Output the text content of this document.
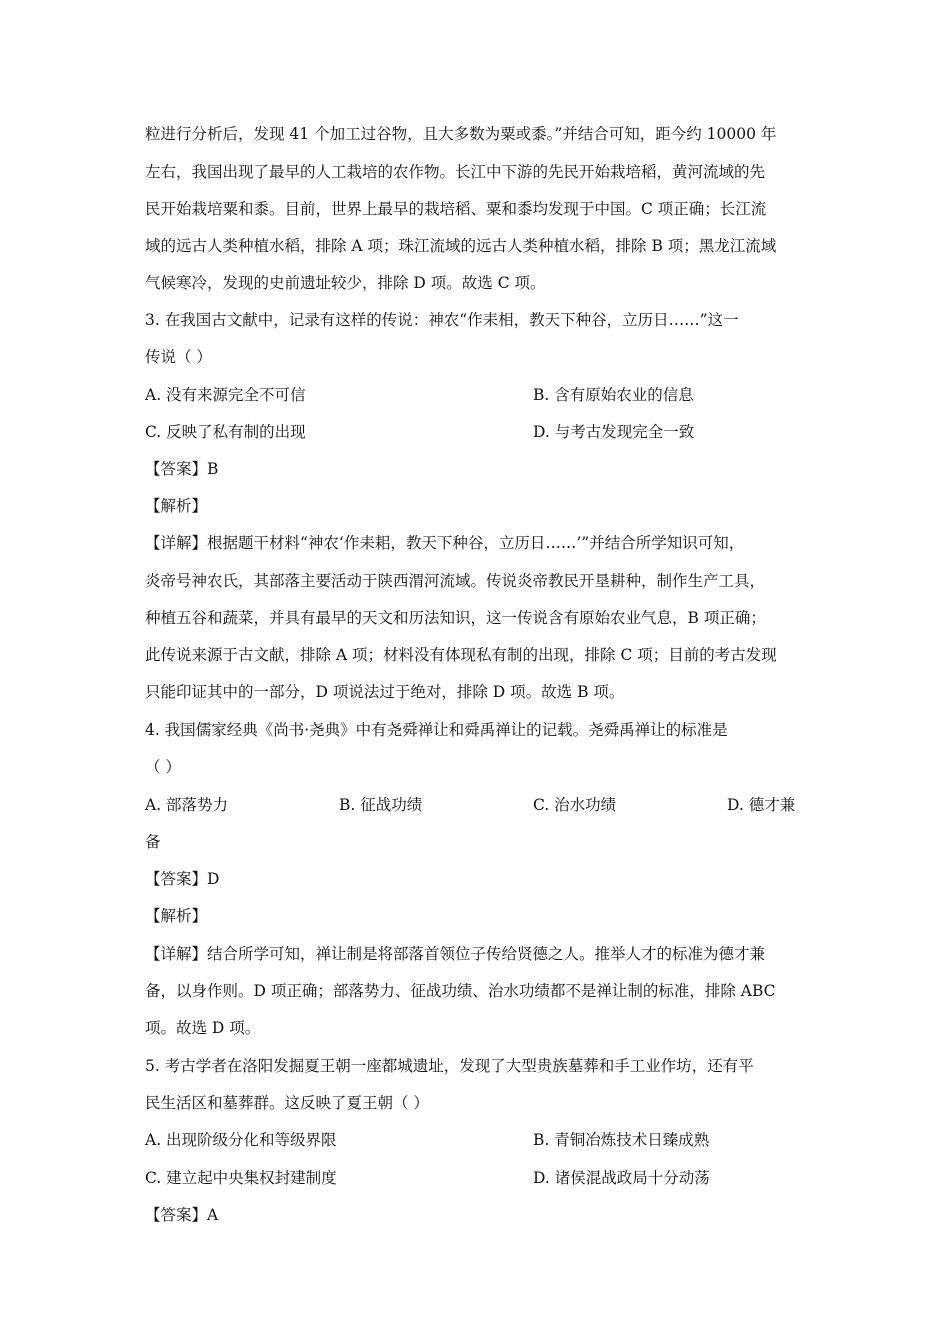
粒进行分析后，发现 41 个加工过谷物，且大多数为粟或黍。”并结合可知，距今约 10000 年
左右，我国出现了最早的人工栽培的农作物。长江中下游的先民开始栽培稻，黄河流域的先
民开始栽培粟和黍。目前，世界上最早的栽培稻、粟和黍均发现于中国。C 项正确；长江流
域的远古人类种植水稻，排除 A 项；珠江流域的远古人类种植水稻，排除 B 项；黑龙江流域
气候寒冷，发现的史前遗址较少，排除 D 项。故选 C 项。
3. 在我国古文献中，记录有这样的传说：神农“作耒相，教天下种谷，立历日……”这一
传说（ ）
A. 没有来源完全不可信	B. 含有原始农业的信息
C. 反映了私有制的出现	D. 与考古发现完全一致
【答案】B
【解析】
【详解】根据题干材料“神农‘作耒耜，教天下种谷，立历日……’”并结合所学知识可知，
炎帝号神农氏，其部落主要活动于陕西渭河流域。传说炎帝教民开垦耕种，制作生产工具，
种植五谷和蔬菜，并具有最早的天文和历法知识，这一传说含有原始农业气息，B 项正确；
此传说来源于古文献，排除 A 项；材料没有体现私有制的出现，排除 C 项；目前的考古发现
只能印证其中的一部分，D 项说法过于绝对，排除 D 项。故选 B 项。
4. 我国儒家经典《尚书·尧典》中有尧舜禅让和舜禹禅让的记载。尧舜禹禅让的标准是
（ ）
A. 部落势力	B. 征战功绩	C. 治水功绩	D. 德才兼
备
【答案】D
【解析】
【详解】结合所学可知，禅让制是将部落首领位子传给贤德之人。推举人才的标准为德才兼
备，以身作则。D 项正确；部落势力、征战功绩、治水功绩都不是禅让制的标准，排除 ABC
项。故选 D 项。
5. 考古学者在洛阳发掘夏王朝一座都城遗址，发现了大型贵族墓葬和手工业作坊，还有平
民生活区和墓葬群。这反映了夏王朝（ ）
A. 出现阶级分化和等级界限	B. 青铜冶炼技术日臻成熟
C. 建立起中央集权封建制度	D. 诸侯混战政局十分动荡
【答案】A
